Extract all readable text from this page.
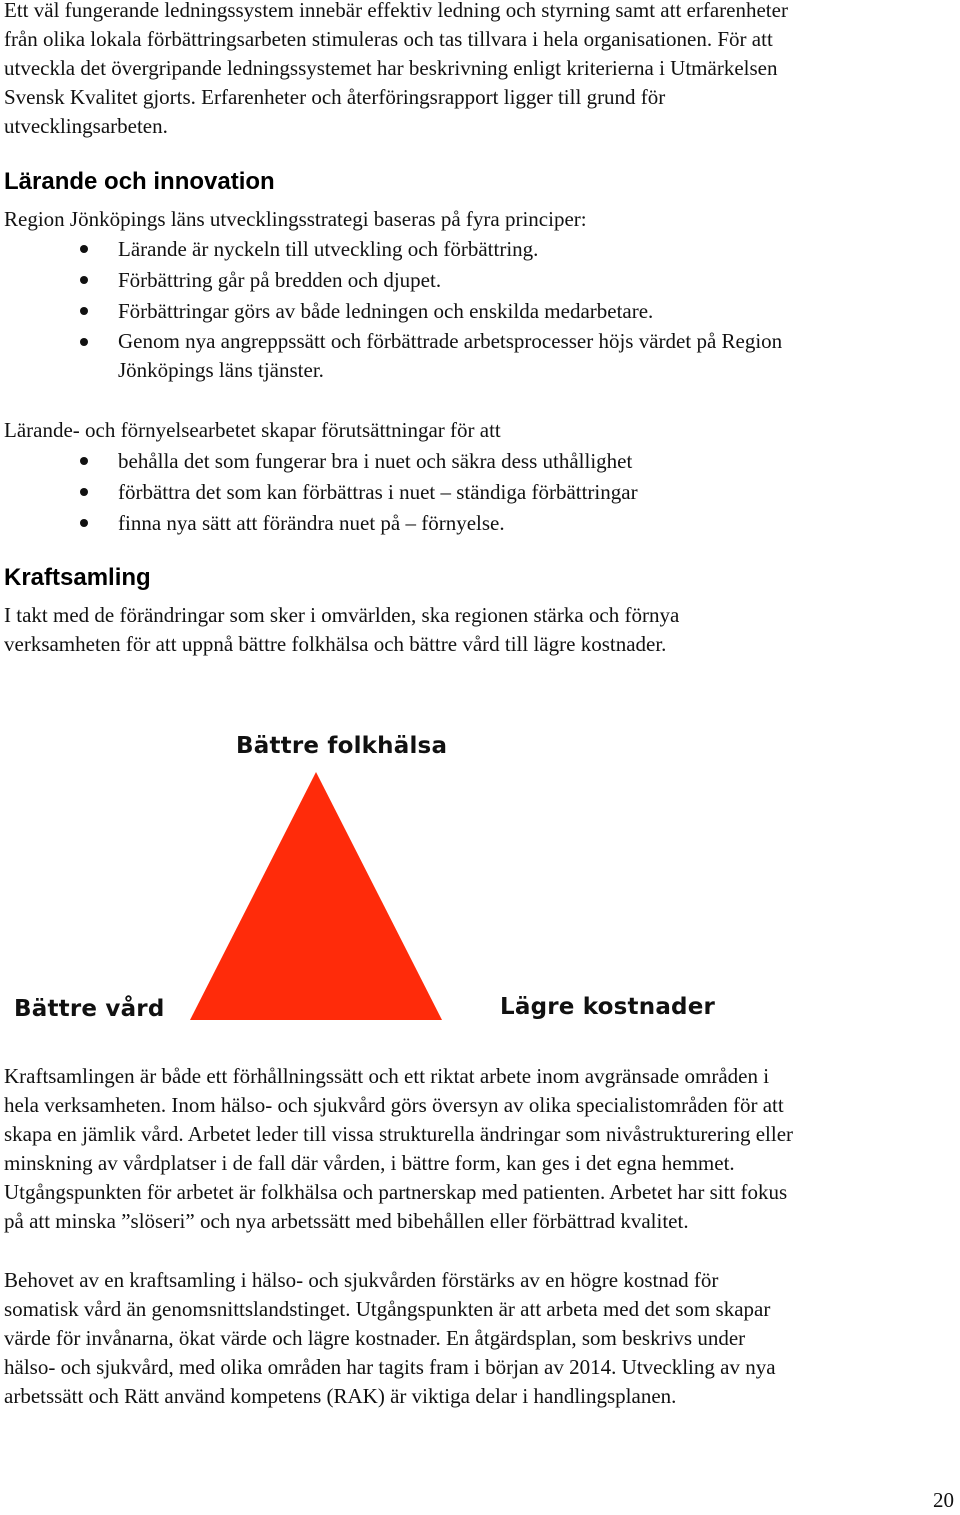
Ett väl fungerande ledningssystem innebär effektiv ledning och styrning samt att erfarenheter
från olika lokala förbättringsarbeten stimuleras och tas tillvara i hela organisationen. För att
utveckla det övergripande ledningssystemet har beskrivning enligt kriterierna i Utmärkelsen
Svensk Kvalitet gjorts. Erfarenheter och återföringsrapport ligger till grund för
utvecklingsarbeten.
Lärande och innovation
Region Jönköpings läns utvecklingsstrategi baseras på fyra principer:
Lärande är nyckeln till utveckling och förbättring.
Förbättring går på bredden och djupet.
Förbättringar görs av både ledningen och enskilda medarbetare.
Genom nya angreppssätt och förbättrade arbetsprocesser höjs värdet på Region
Jönköpings läns tjänster.
Lärande- och förnyelsearbetet skapar förutsättningar för att
behålla det som fungerar bra i nuet och säkra dess uthållighet
förbättra det som kan förbättras i nuet – ständiga förbättringar
finna nya sätt att förändra nuet på – förnyelse.
Kraftsamling
I takt med de förändringar som sker i omvärlden, ska regionen stärka och förnya
verksamheten för att uppnå bättre folkhälsa och bättre vård till lägre kostnader.
Bättre folkhälsa
Bättre vård	Lägre kostnader
Kraftsamlingen är både ett förhållningssätt och ett riktat arbete inom avgränsade områden i
hela verksamheten. Inom hälso- och sjukvård görs översyn av olika specialistområden för att
skapa en jämlik vård. Arbetet leder till vissa strukturella ändringar som nivåstrukturering eller
minskning av vårdplatser i de fall där vården, i bättre form, kan ges i det egna hemmet.
Utgångspunkten för arbetet är folkhälsa och partnerskap med patienten. Arbetet har sitt fokus
på att minska ”slöseri” och nya arbetssätt med bibehållen eller förbättrad kvalitet.
Behovet av en kraftsamling i hälso- och sjukvården förstärks av en högre kostnad för
somatisk vård än genomsnittslandstinget. Utgångspunkten är att arbeta med det som skapar
värde för invånarna, ökat värde och lägre kostnader. En åtgärdsplan, som beskrivs under
hälso- och sjukvård, med olika områden har tagits fram i början av 2014. Utveckling av nya
arbetssätt och Rätt använd kompetens (RAK) är viktiga delar i handlingsplanen.
20
